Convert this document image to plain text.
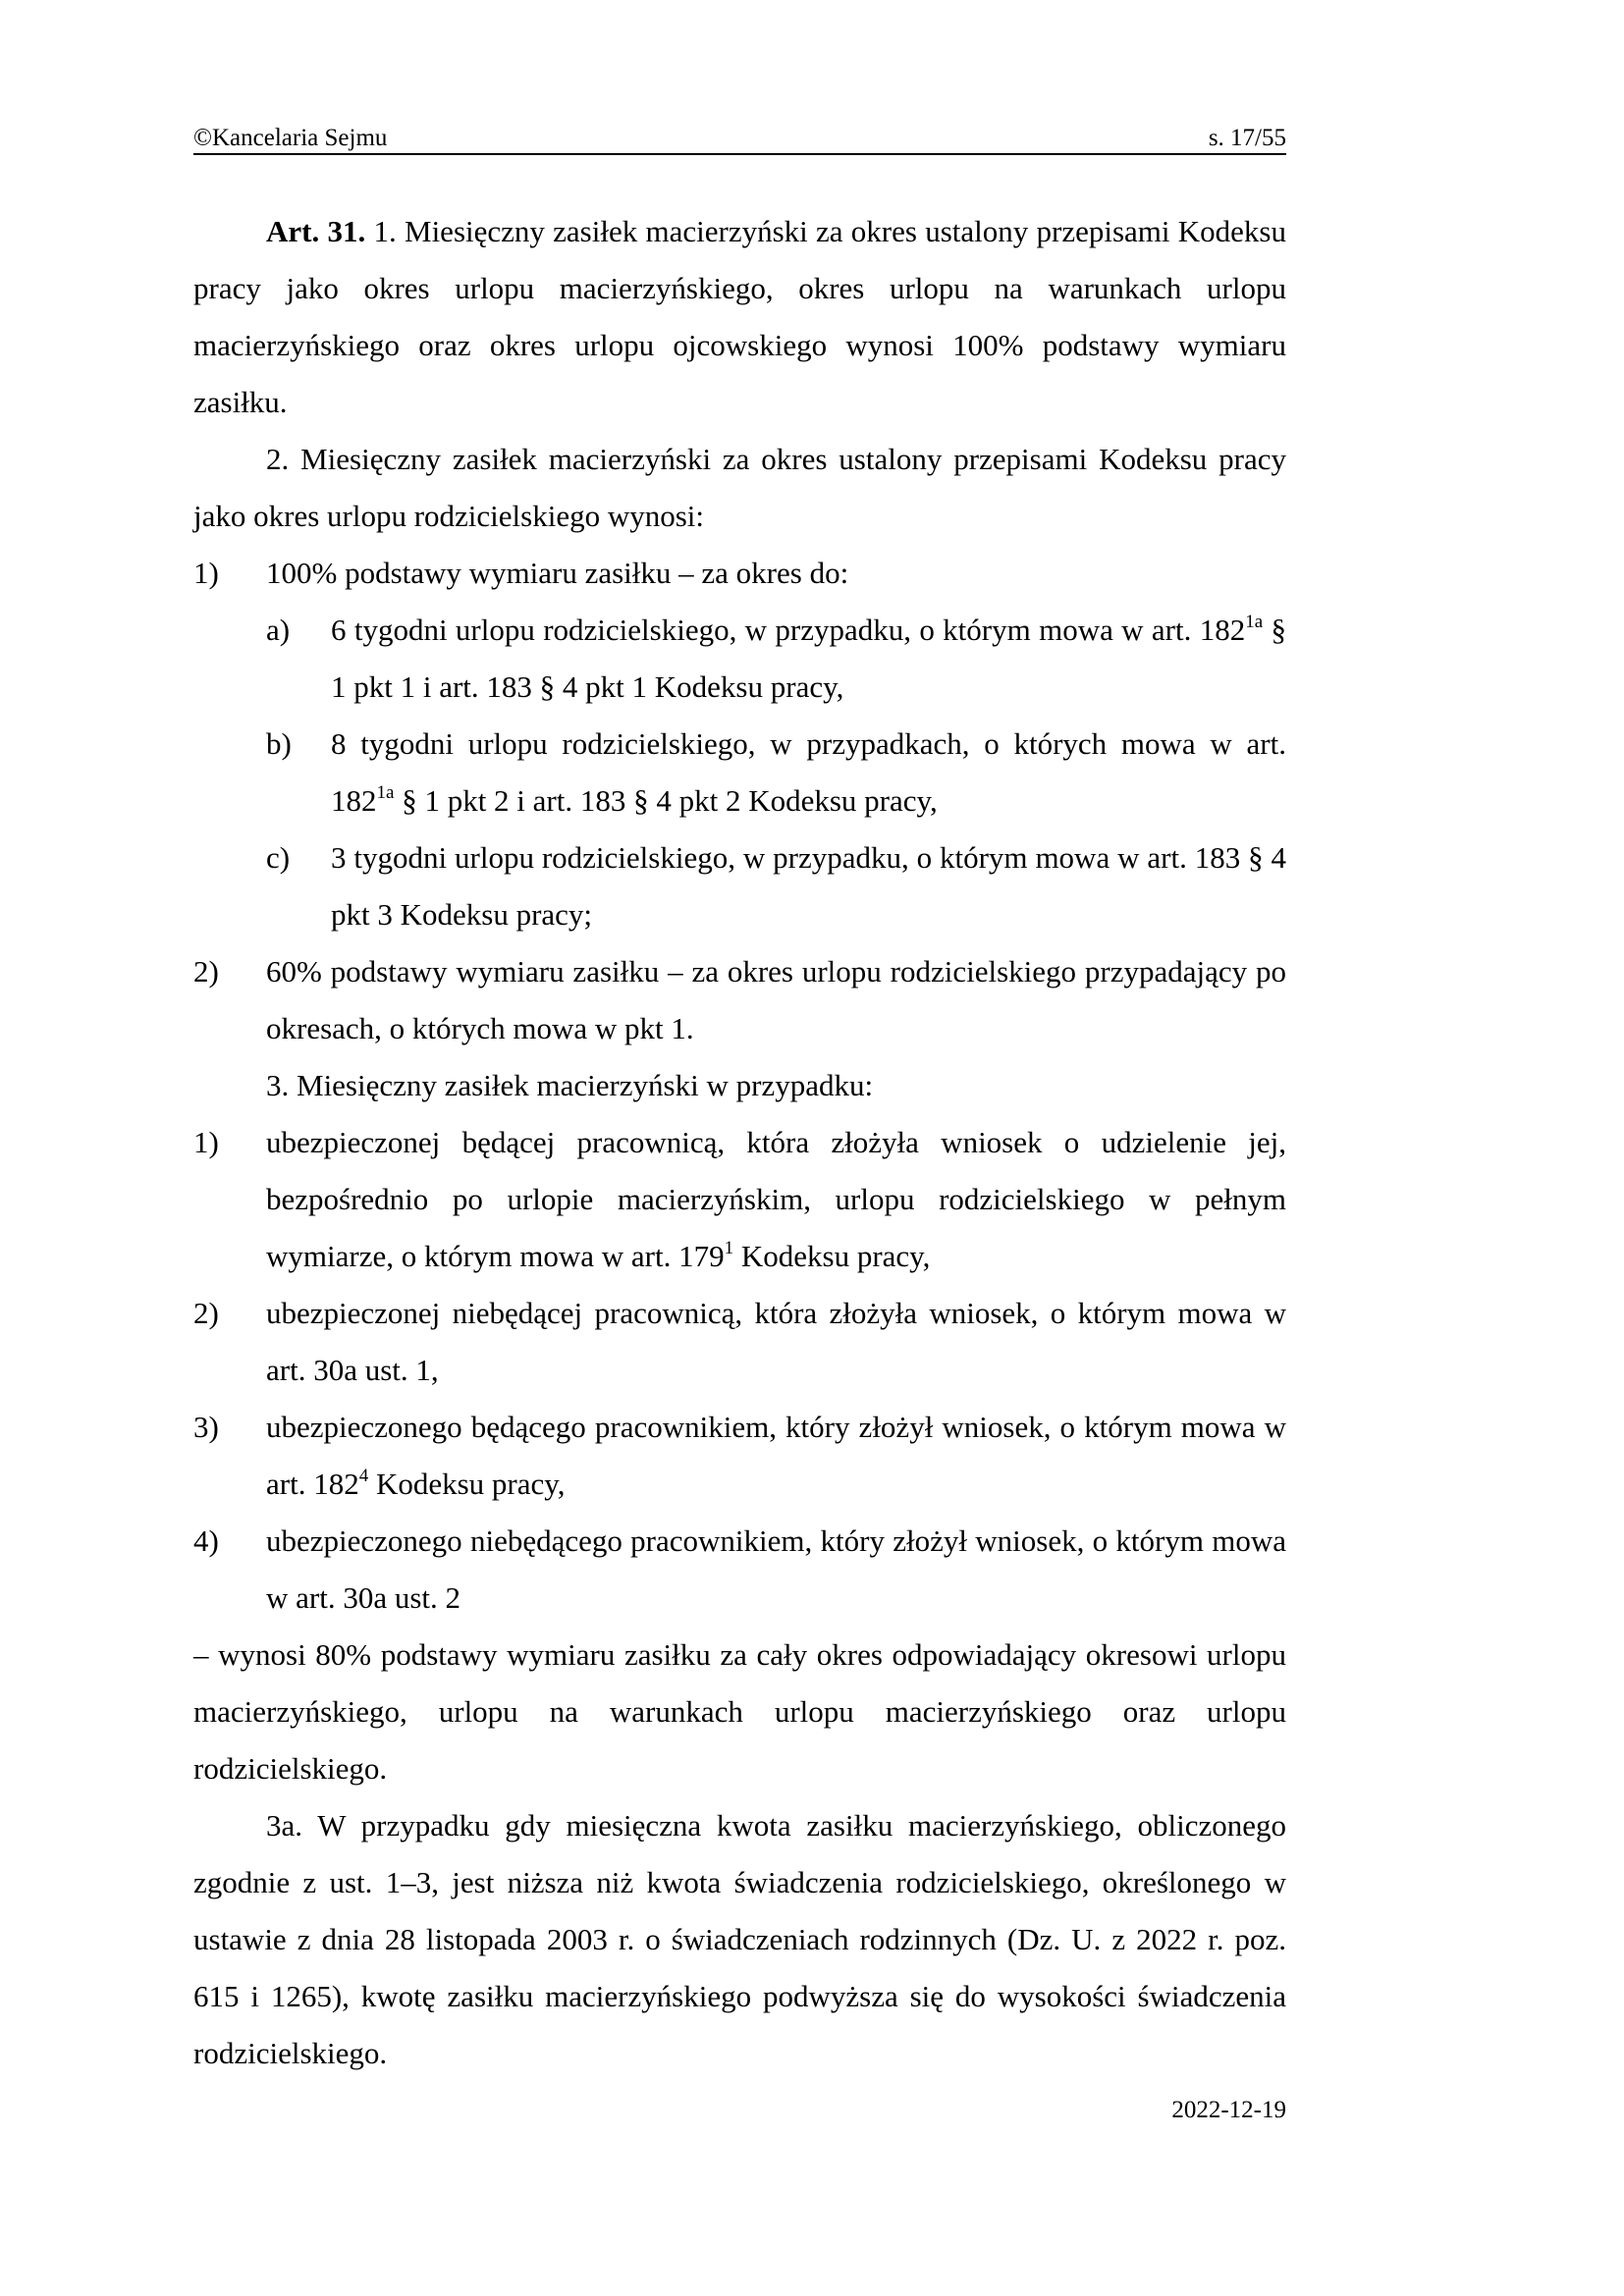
©Kancelaria Sejmu	s. 17/55

Art. 31. 1. Miesięczny zasiłek macierzyński za okres ustalony przepisami Kodeksu pracy jako okres urlopu macierzyńskiego, okres urlopu na warunkach urlopu macierzyńskiego oraz okres urlopu ojcowskiego wynosi 100% podstawy wymiaru zasiłku.

2. Miesięczny zasiłek macierzyński za okres ustalony przepisami Kodeksu pracy jako okres urlopu rodzicielskiego wynosi:

1) 100% podstawy wymiaru zasiłku – za okres do:
a) 6 tygodni urlopu rodzicielskiego, w przypadku, o którym mowa w art. $182^{1a}$ § 1 pkt 1 i art. 183 § 4 pkt 1 Kodeksu pracy,
b) 8 tygodni urlopu rodzicielskiego, w przypadkach, o których mowa w art. $182^{1a}$ § 1 pkt 2 i art. 183 § 4 pkt 2 Kodeksu pracy,
c) 3 tygodni urlopu rodzicielskiego, w przypadku, o którym mowa w art. 183 § 4 pkt 3 Kodeksu pracy;
2) 60% podstawy wymiaru zasiłku – za okres urlopu rodzicielskiego przypadający po okresach, o których mowa w pkt 1.

3. Miesięczny zasiłek macierzyński w przypadku:

1) ubezpieczonej będącej pracownicą, która złożyła wniosek o udzielenie jej, bezpośrednio po urlopie macierzyńskim, urlopu rodzicielskiego w pełnym wymiarze, o którym mowa w art. $179^1$ Kodeksu pracy,
2) ubezpieczonej niebędącej pracownicą, która złożyła wniosek, o którym mowa w art. 30a ust. 1,
3) ubezpieczonego będącego pracownikiem, który złożył wniosek, o którym mowa w art. $182^4$ Kodeksu pracy,
4) ubezpieczonego niebędącego pracownikiem, który złożył wniosek, o którym mowa w art. 30a ust. 2

– wynosi 80% podstawy wymiaru zasiłku za cały okres odpowiadający okresowi urlopu macierzyńskiego, urlopu na warunkach urlopu macierzyńskiego oraz urlopu rodzicielskiego.

3a. W przypadku gdy miesięczna kwota zasiłku macierzyńskiego, obliczonego zgodnie z ust. 1–3, jest niższa niż kwota świadczenia rodzicielskiego, określonego w ustawie z dnia 28 listopada 2003 r. o świadczeniach rodzinnych (Dz. U. z 2022 r. poz. 615 i 1265), kwotę zasiłku macierzyńskiego podwyższa się do wysokości świadczenia rodzicielskiego.

2022-12-19
